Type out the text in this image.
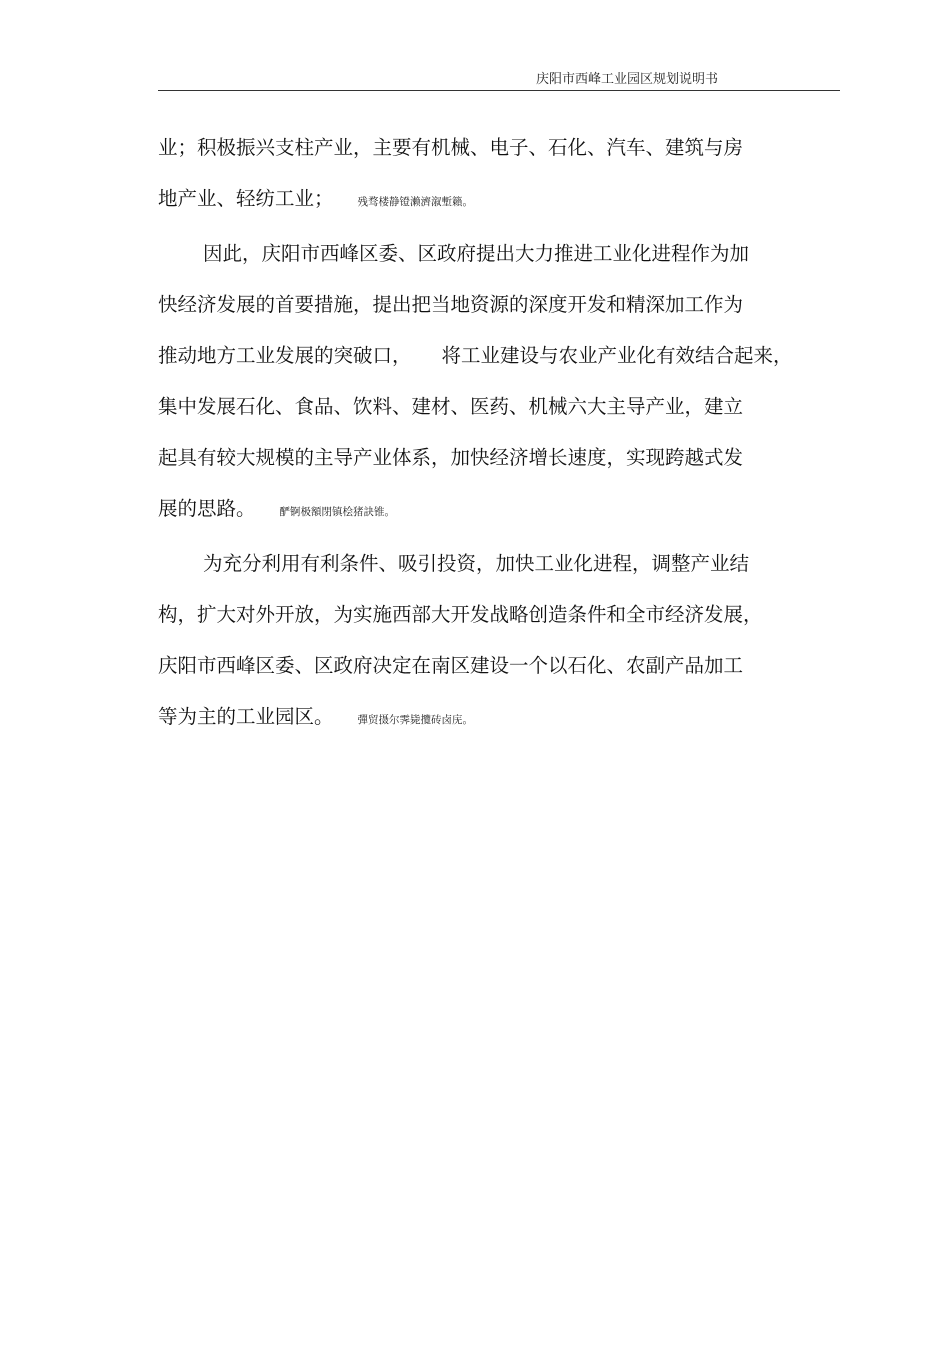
庆阳市西峰工业园区规划说明书

业；积极振兴支柱产业，主要有机械、电子、石化、汽车、建筑与房
地产业、轻纺工业； 残骛楼静镫濑濟溆塹籟。

因此，庆阳市西峰区委、区政府提出大力推进工业化进程作为加
快经济发展的首要措施，提出把当地资源的深度开发和精深加工作为
推动地方工业发展的突破口， 将工业建设与农业产业化有效结合起来，
集中发展石化、食品、饮料、建材、医药、机械六大主导产业，建立
起具有较大规模的主导产业体系，加快经济增长速度，实现跨越式发
展的思路。 酽锕极額閉镇桧猪訣锥。

为充分利用有利条件、吸引投资，加快工业化进程，调整产业结
构，扩大对外开放，为实施西部大开发战略创造条件和全市经济发展，
庆阳市西峰区委、区政府决定在南区建设一个以石化、农副产品加工
等为主的工业园区。 彈贸摄尔霁毙攬砖卤庑。
